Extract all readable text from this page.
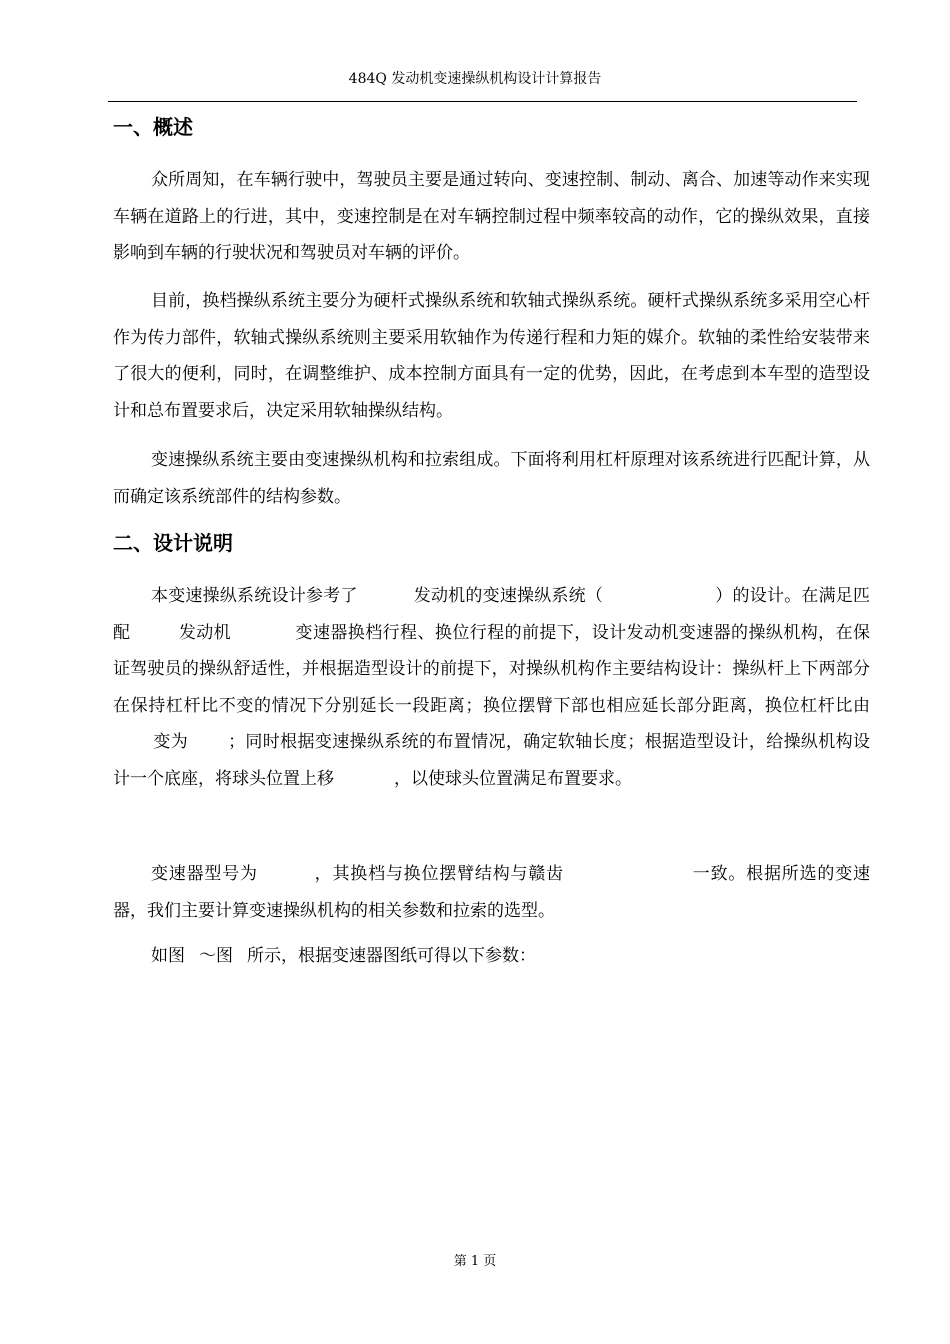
484Q 发动机变速操纵机构设计计算报告
一、概述
众所周知，在车辆行驶中，驾驶员主要是通过转向、变速控制、制动、离合、加速等动作来实现车辆在道路上的行进，其中，变速控制是在对车辆控制过程中频率较高的动作，它的操纵效果，直接影响到车辆的行驶状况和驾驶员对车辆的评价。
目前，换档操纵系统主要分为硬杆式操纵系统和软轴式操纵系统。硬杆式操纵系统多采用空心杆作为传力部件，软轴式操纵系统则主要采用软轴作为传递行程和力矩的媒介。软轴的柔性给安装带来了很大的便利，同时，在调整维护、成本控制方面具有一定的优势，因此，在考虑到本车型的造型设计和总布置要求后，决定采用软轴操纵结构。
变速操纵系统主要由变速操纵机构和拉索组成。下面将利用杠杆原理对该系统进行匹配计算，从而确定该系统部件的结构参数。
二、设计说明
本变速操纵系统设计参考了	发动机的变速操纵系统（	）的设计。在满足匹配	发动机	变速器换档行程、换位行程的前提下，设计发动机变速器的操纵机构，在保证驾驶员的操纵舒适性，并根据造型设计的前提下，对操纵机构作主要结构设计：操纵杆上下两部分在保持杠杆比不变的情况下分别延长一段距离；换位摆臂下部也相应延长部分距离，换位杠杆比由变为 ；同时根据变速操纵系统的布置情况，确定软轴长度；根据造型设计，给操纵机构设计一个底座，将球头位置上移	，以使球头位置满足布置要求。
变速器型号为	，其换档与换位摆臂结构与赣齿	一致。根据所选的变速器，我们主要计算变速操纵机构的相关参数和拉索的选型。
如图 ～图 所示，根据变速器图纸可得以下参数：
第 1 页
